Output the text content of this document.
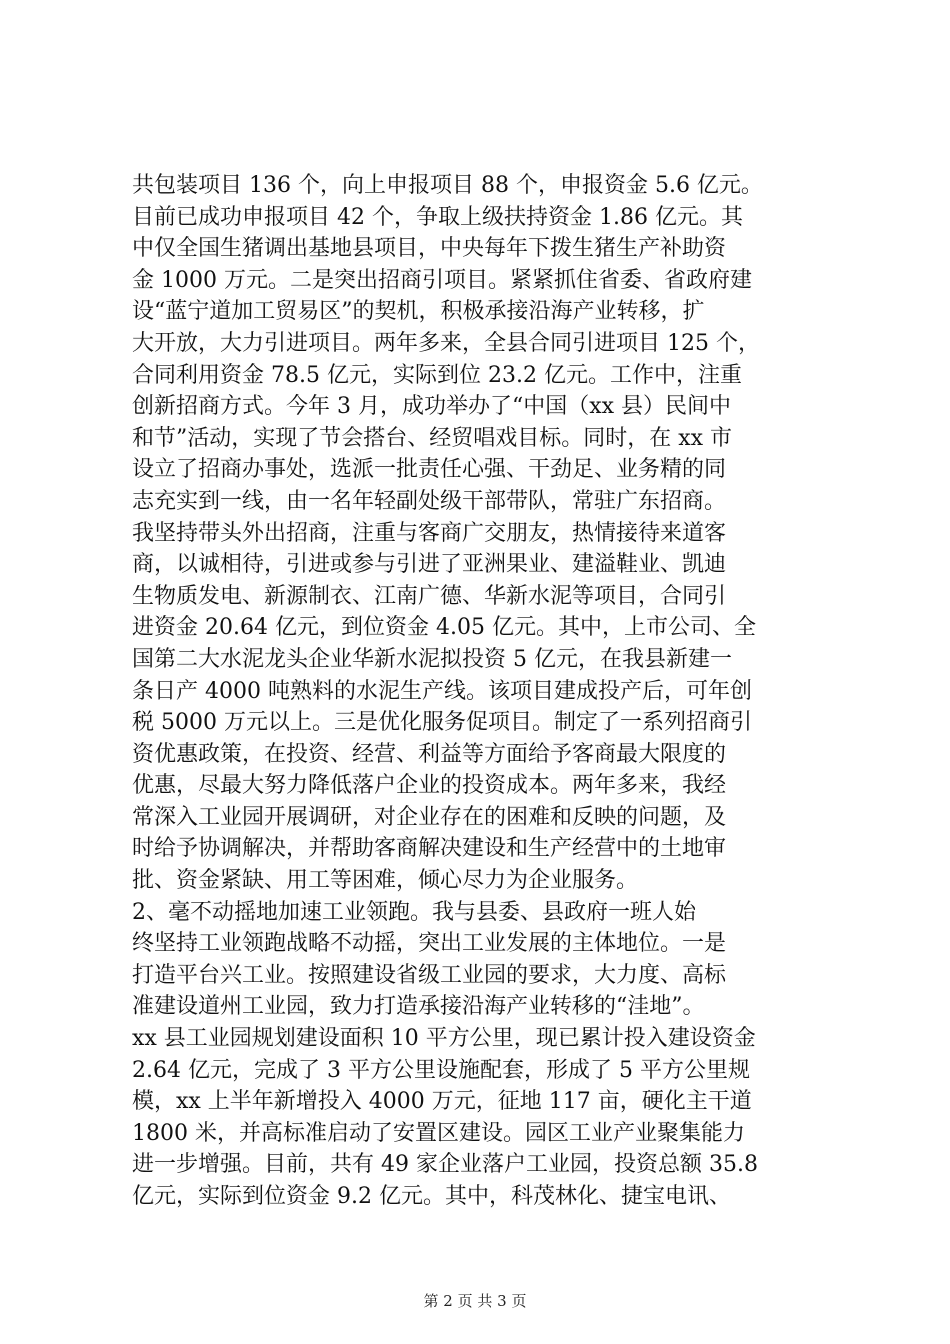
共包装项目 136 个，向上申报项目 88 个，申报资金 5.6 亿元。
目前已成功申报项目 42 个，争取上级扶持资金 1.86 亿元。其
中仅全国生猪调出基地县项目，中央每年下拨生猪生产补助资
金 1000 万元。二是突出招商引项目。紧紧抓住省委、省政府建
设“蓝宁道加工贸易区”的契机，积极承接沿海产业转移，扩
大开放，大力引进项目。两年多来，全县合同引进项目 125 个，
合同利用资金 78.5 亿元，实际到位 23.2 亿元。工作中，注重
创新招商方式。今年 3 月，成功举办了“中国（xx 县）民间中
和节”活动，实现了节会搭台、经贸唱戏目标。同时，在 xx 市
设立了招商办事处，选派一批责任心强、干劲足、业务精的同
志充实到一线，由一名年轻副处级干部带队，常驻广东招商。
我坚持带头外出招商，注重与客商广交朋友，热情接待来道客
商，以诚相待，引进或参与引进了亚洲果业、建溢鞋业、凯迪
生物质发电、新源制衣、江南广德、华新水泥等项目，合同引
进资金 20.64 亿元，到位资金 4.05 亿元。其中，上市公司、全
国第二大水泥龙头企业华新水泥拟投资 5 亿元，在我县新建一
条日产 4000 吨熟料的水泥生产线。该项目建成投产后，可年创
税 5000 万元以上。三是优化服务促项目。制定了一系列招商引
资优惠政策，在投资、经营、利益等方面给予客商最大限度的
优惠，尽最大努力降低落户企业的投资成本。两年多来，我经
常深入工业园开展调研，对企业存在的困难和反映的问题，及
时给予协调解决，并帮助客商解决建设和生产经营中的土地审
批、资金紧缺、用工等困难，倾心尽力为企业服务。
2、毫不动摇地加速工业领跑。我与县委、县政府一班人始
终坚持工业领跑战略不动摇，突出工业发展的主体地位。一是
打造平台兴工业。按照建设省级工业园的要求，大力度、高标
准建设道州工业园，致力打造承接沿海产业转移的“洼地”。
xx 县工业园规划建设面积 10 平方公里，现已累计投入建设资金
2.64 亿元，完成了 3 平方公里设施配套，形成了 5 平方公里规
模，xx 上半年新增投入 4000 万元，征地 117 亩，硬化主干道
1800 米，并高标准启动了安置区建设。园区工业产业聚集能力
进一步增强。目前，共有 49 家企业落户工业园，投资总额 35.8
亿元，实际到位资金 9.2 亿元。其中，科茂林化、捷宝电讯、
第 2 页 共 3 页
